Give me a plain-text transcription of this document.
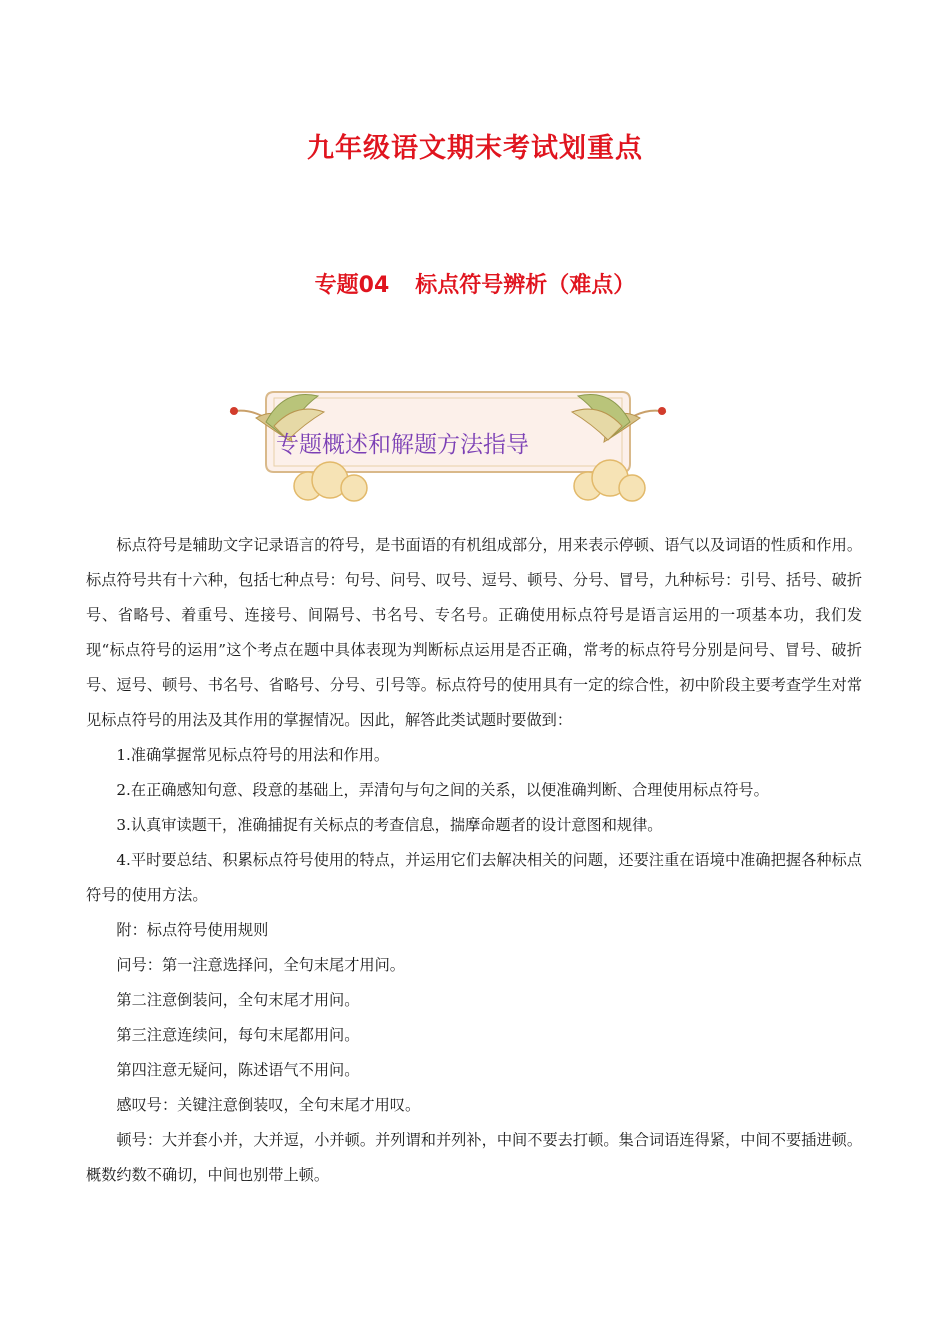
九年级语文期末考试划重点
专题04 标点符号辨析（难点）
专题概述和解题方法指导

标点符号是辅助文字记录语言的符号，是书面语的有机组成部分，用来表示停顿、语气以及词语的性质和作用。标点符号共有十六种，包括七种点号：句号、问号、叹号、逗号、顿号、分号、冒号，九种标号：引号、括号、破折号、省略号、着重号、连接号、间隔号、书名号、专名号。正确使用标点符号是语言运用的一项基本功，我们发现“标点符号的运用”这个考点在题中具体表现为判断标点运用是否正确，常考的标点符号分别是问号、冒号、破折号、逗号、顿号、书名号、省略号、分号、引号等。标点符号的使用具有一定的综合性，初中阶段主要考查学生对常见标点符号的用法及其作用的掌握情况。因此，解答此类试题时要做到：

1.准确掌握常见标点符号的用法和作用。

2.在正确感知句意、段意的基础上，弄清句与句之间的关系，以便准确判断、合理使用标点符号。

3.认真审读题干，准确捕捉有关标点的考查信息，揣摩命题者的设计意图和规律。

4.平时要总结、积累标点符号使用的特点，并运用它们去解决相关的问题，还要注重在语境中准确把握各种标点符号的使用方法。

附：标点符号使用规则

问号：第一注意选择问，全句末尾才用问。

第二注意倒装问，全句末尾才用问。

第三注意连续问，每句末尾都用问。

第四注意无疑问，陈述语气不用问。

感叹号：关键注意倒装叹，全句末尾才用叹。

顿号：大并套小并，大并逗，小并顿。并列谓和并列补，中间不要去打顿。集合词语连得紧，中间不要插进顿。概数约数不确切，中间也别带上顿。
